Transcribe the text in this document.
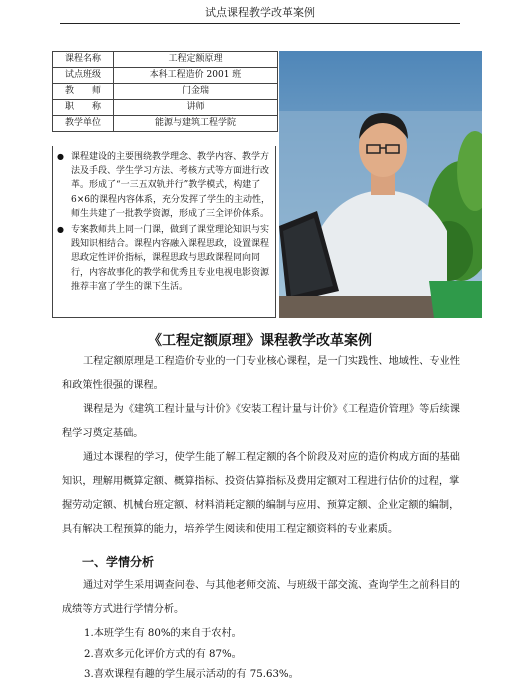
试点课程教学改革案例
课程名称	工程定额原理
试点班级	本科工程造价 2001 班
教　　师	门金瑞
职　　称	讲师
教学单位	能源与建筑工程学院
● 课程建设的主要围绕教学理念、教学内容、教学方法及手段、学生学习方法、考核方式等方面进行改革。形成了“一三五双轨并行”教学模式，构建了6×6的课程内容体系，充分发挥了学生的主动性，师生共建了一批教学资源，形成了三全评价体系。
● 专案教师共上同一门课，做到了课堂理论知识与实践知识相结合。课程内容融入课程思政，设置课程思政定性评价指标，课程思政与思政课程同向同行，内容故事化的教学和优秀且专业电视电影资源推荐丰富了学生的课下生活。
《工程定额原理》课程教学改革案例
工程定额原理是工程造价专业的一门专业核心课程，是一门实践性、地域性、专业性和政策性很强的课程。
课程是为《建筑工程计量与计价》《安装工程计量与计价》《工程造价管理》等后续课程学习奠定基础。
通过本课程的学习，使学生能了解工程定额的各个阶段及对应的造价构成方面的基础知识，理解用概算定额、概算指标、投资估算指标及费用定额对工程进行估价的过程，掌握劳动定额、机械台班定额、材料消耗定额的编制与应用、预算定额、企业定额的编制，具有解决工程预算的能力，培养学生阅读和使用工程定额资料的专业素质。
一、学情分析
通过对学生采用调查问卷、与其他老师交流、与班级干部交流、查询学生之前科目的成绩等方式进行学情分析。
1.本班学生有 80%的来自于农村。
2.喜欢多元化评价方式的有 87%。
3.喜欢课程有趣的学生展示活动的有 75.63%。
